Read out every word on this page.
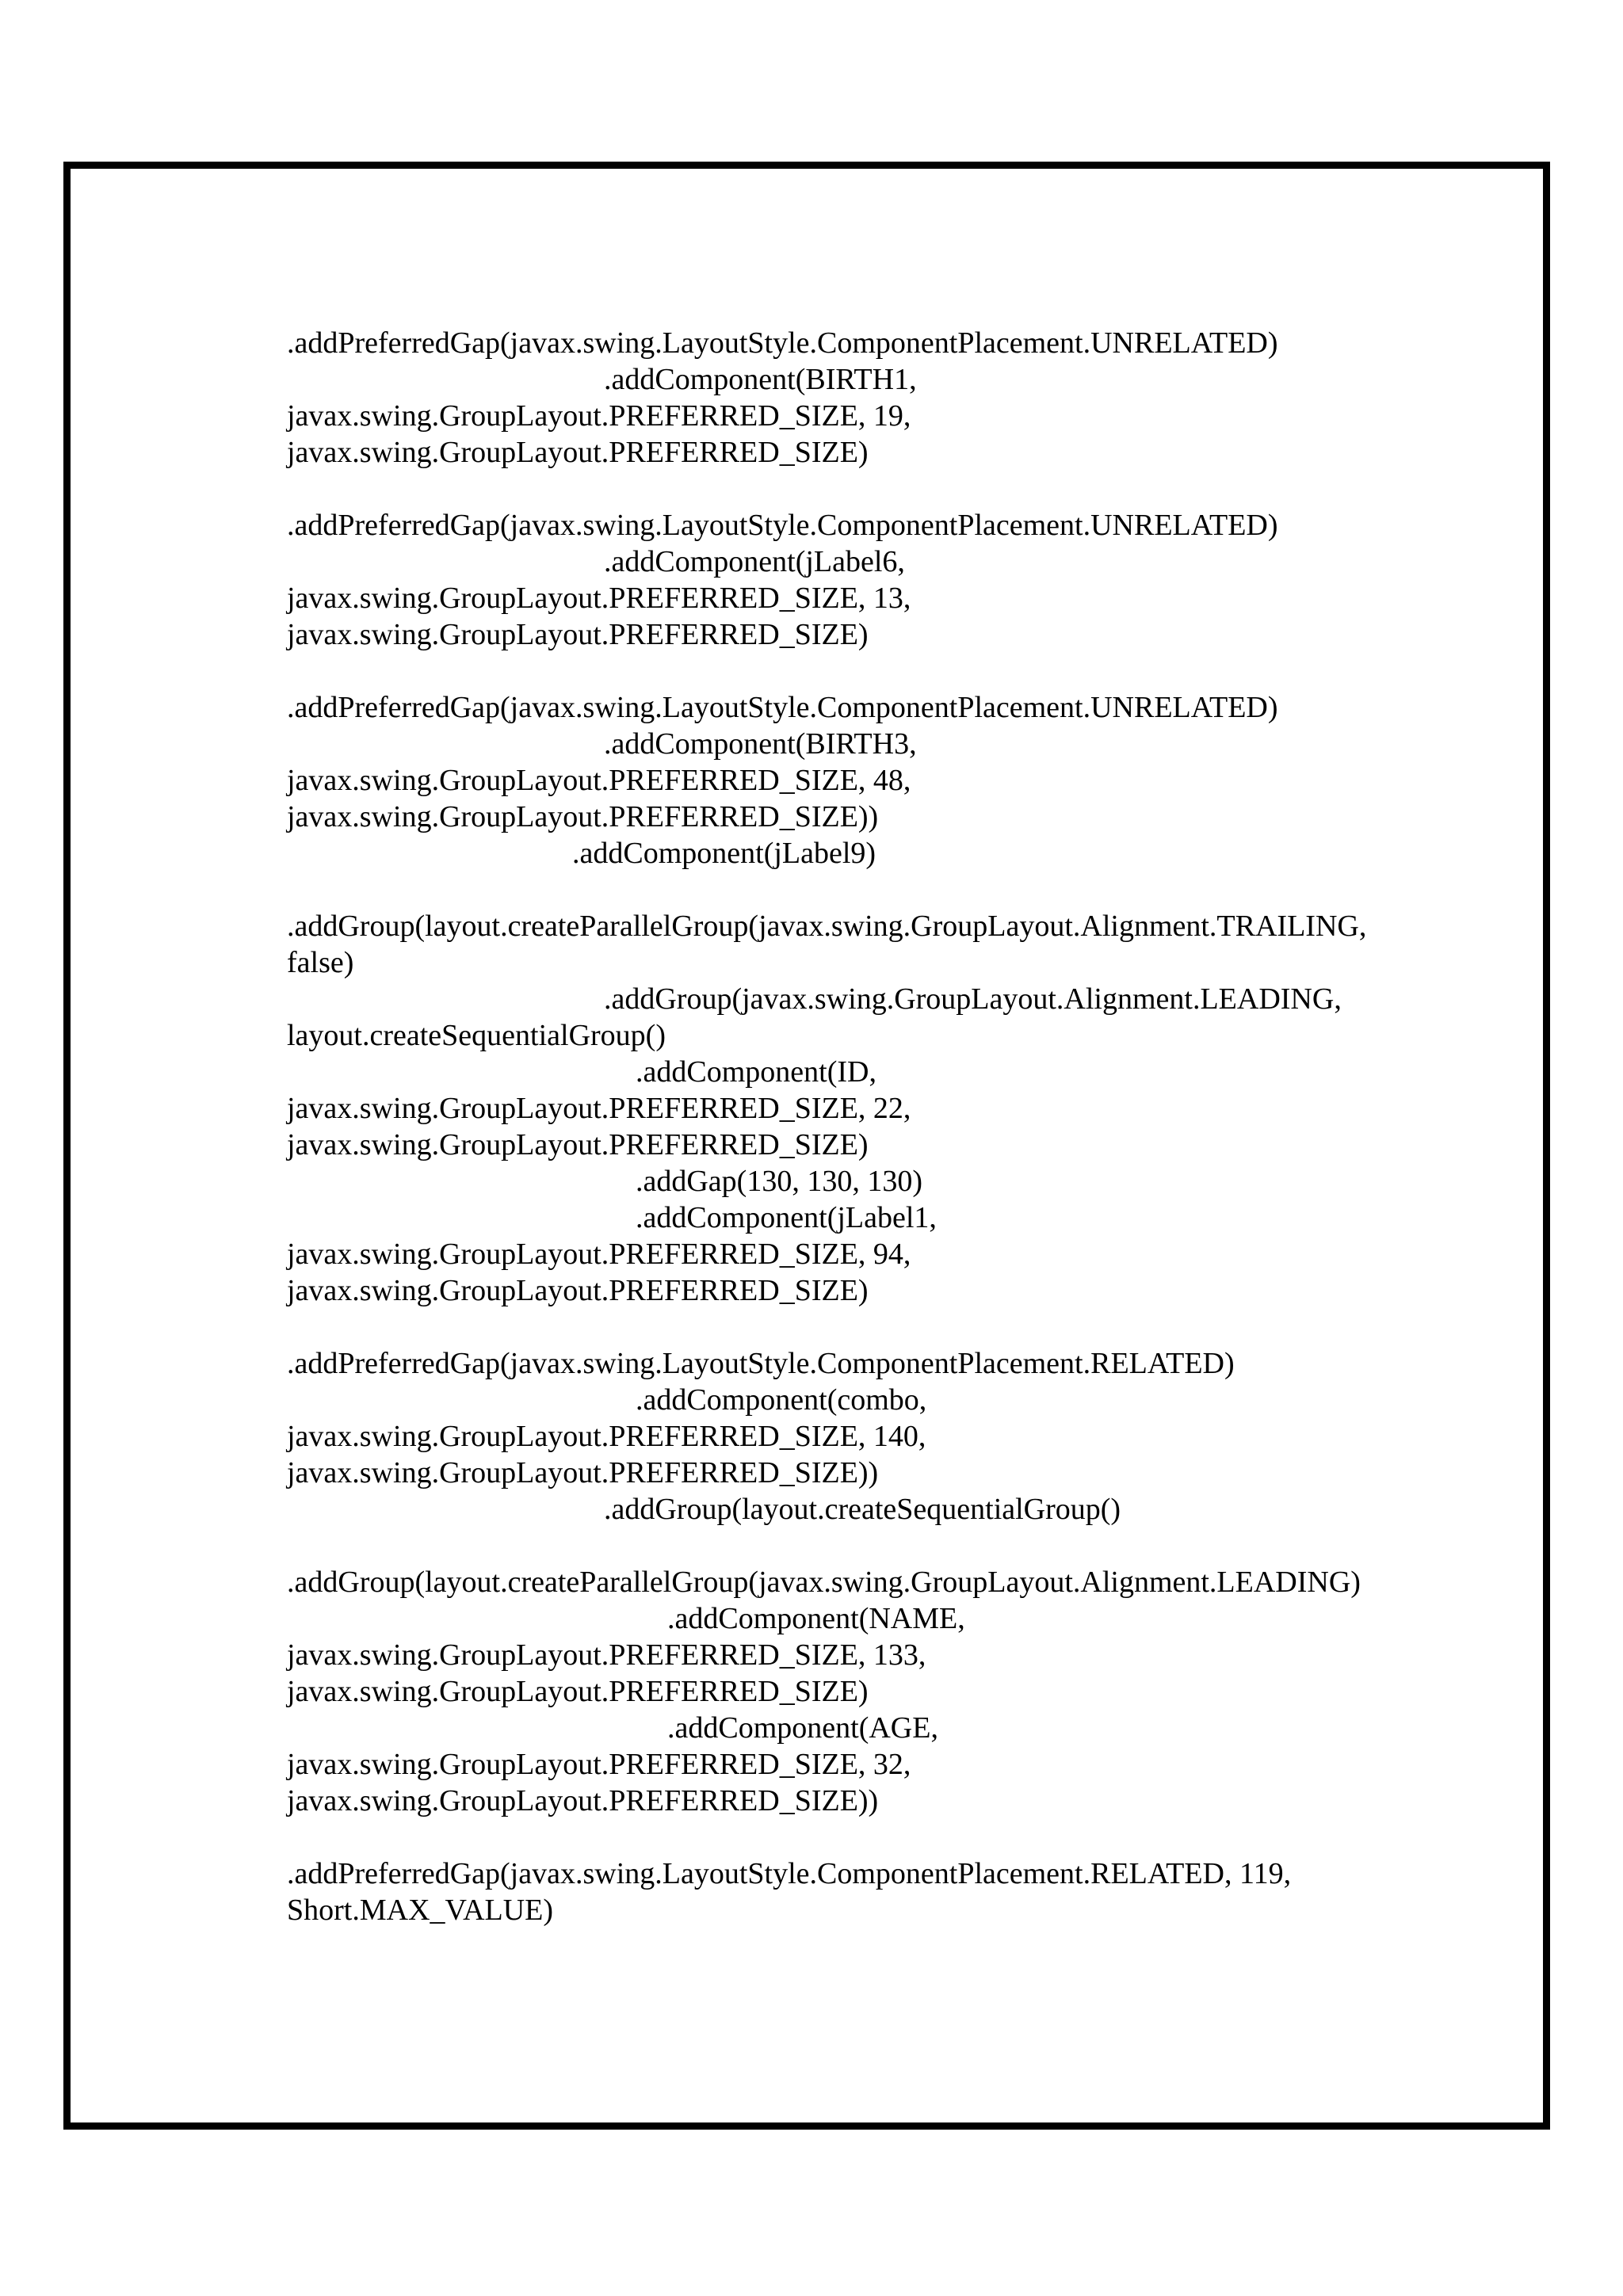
.addPreferredGap(javax.swing.LayoutStyle.ComponentPlacement.UNRELATED)
.addComponent(BIRTH1,
javax.swing.GroupLayout.PREFERRED_SIZE, 19,
javax.swing.GroupLayout.PREFERRED_SIZE)
.addPreferredGap(javax.swing.LayoutStyle.ComponentPlacement.UNRELATED)
.addComponent(jLabel6,
javax.swing.GroupLayout.PREFERRED_SIZE, 13,
javax.swing.GroupLayout.PREFERRED_SIZE)
.addPreferredGap(javax.swing.LayoutStyle.ComponentPlacement.UNRELATED)
.addComponent(BIRTH3,
javax.swing.GroupLayout.PREFERRED_SIZE, 48,
javax.swing.GroupLayout.PREFERRED_SIZE))
.addComponent(jLabel9)
.addGroup(layout.createParallelGroup(javax.swing.GroupLayout.Alignment.TRAILING,
false)
.addGroup(javax.swing.GroupLayout.Alignment.LEADING,
layout.createSequentialGroup()
.addComponent(ID,
javax.swing.GroupLayout.PREFERRED_SIZE, 22,
javax.swing.GroupLayout.PREFERRED_SIZE)
.addGap(130, 130, 130)
.addComponent(jLabel1,
javax.swing.GroupLayout.PREFERRED_SIZE, 94,
javax.swing.GroupLayout.PREFERRED_SIZE)
.addPreferredGap(javax.swing.LayoutStyle.ComponentPlacement.RELATED)
.addComponent(combo,
javax.swing.GroupLayout.PREFERRED_SIZE, 140,
javax.swing.GroupLayout.PREFERRED_SIZE))
.addGroup(layout.createSequentialGroup()
.addGroup(layout.createParallelGroup(javax.swing.GroupLayout.Alignment.LEADING)
.addComponent(NAME,
javax.swing.GroupLayout.PREFERRED_SIZE, 133,
javax.swing.GroupLayout.PREFERRED_SIZE)
.addComponent(AGE,
javax.swing.GroupLayout.PREFERRED_SIZE, 32,
javax.swing.GroupLayout.PREFERRED_SIZE))
.addPreferredGap(javax.swing.LayoutStyle.ComponentPlacement.RELATED, 119,
Short.MAX_VALUE)
